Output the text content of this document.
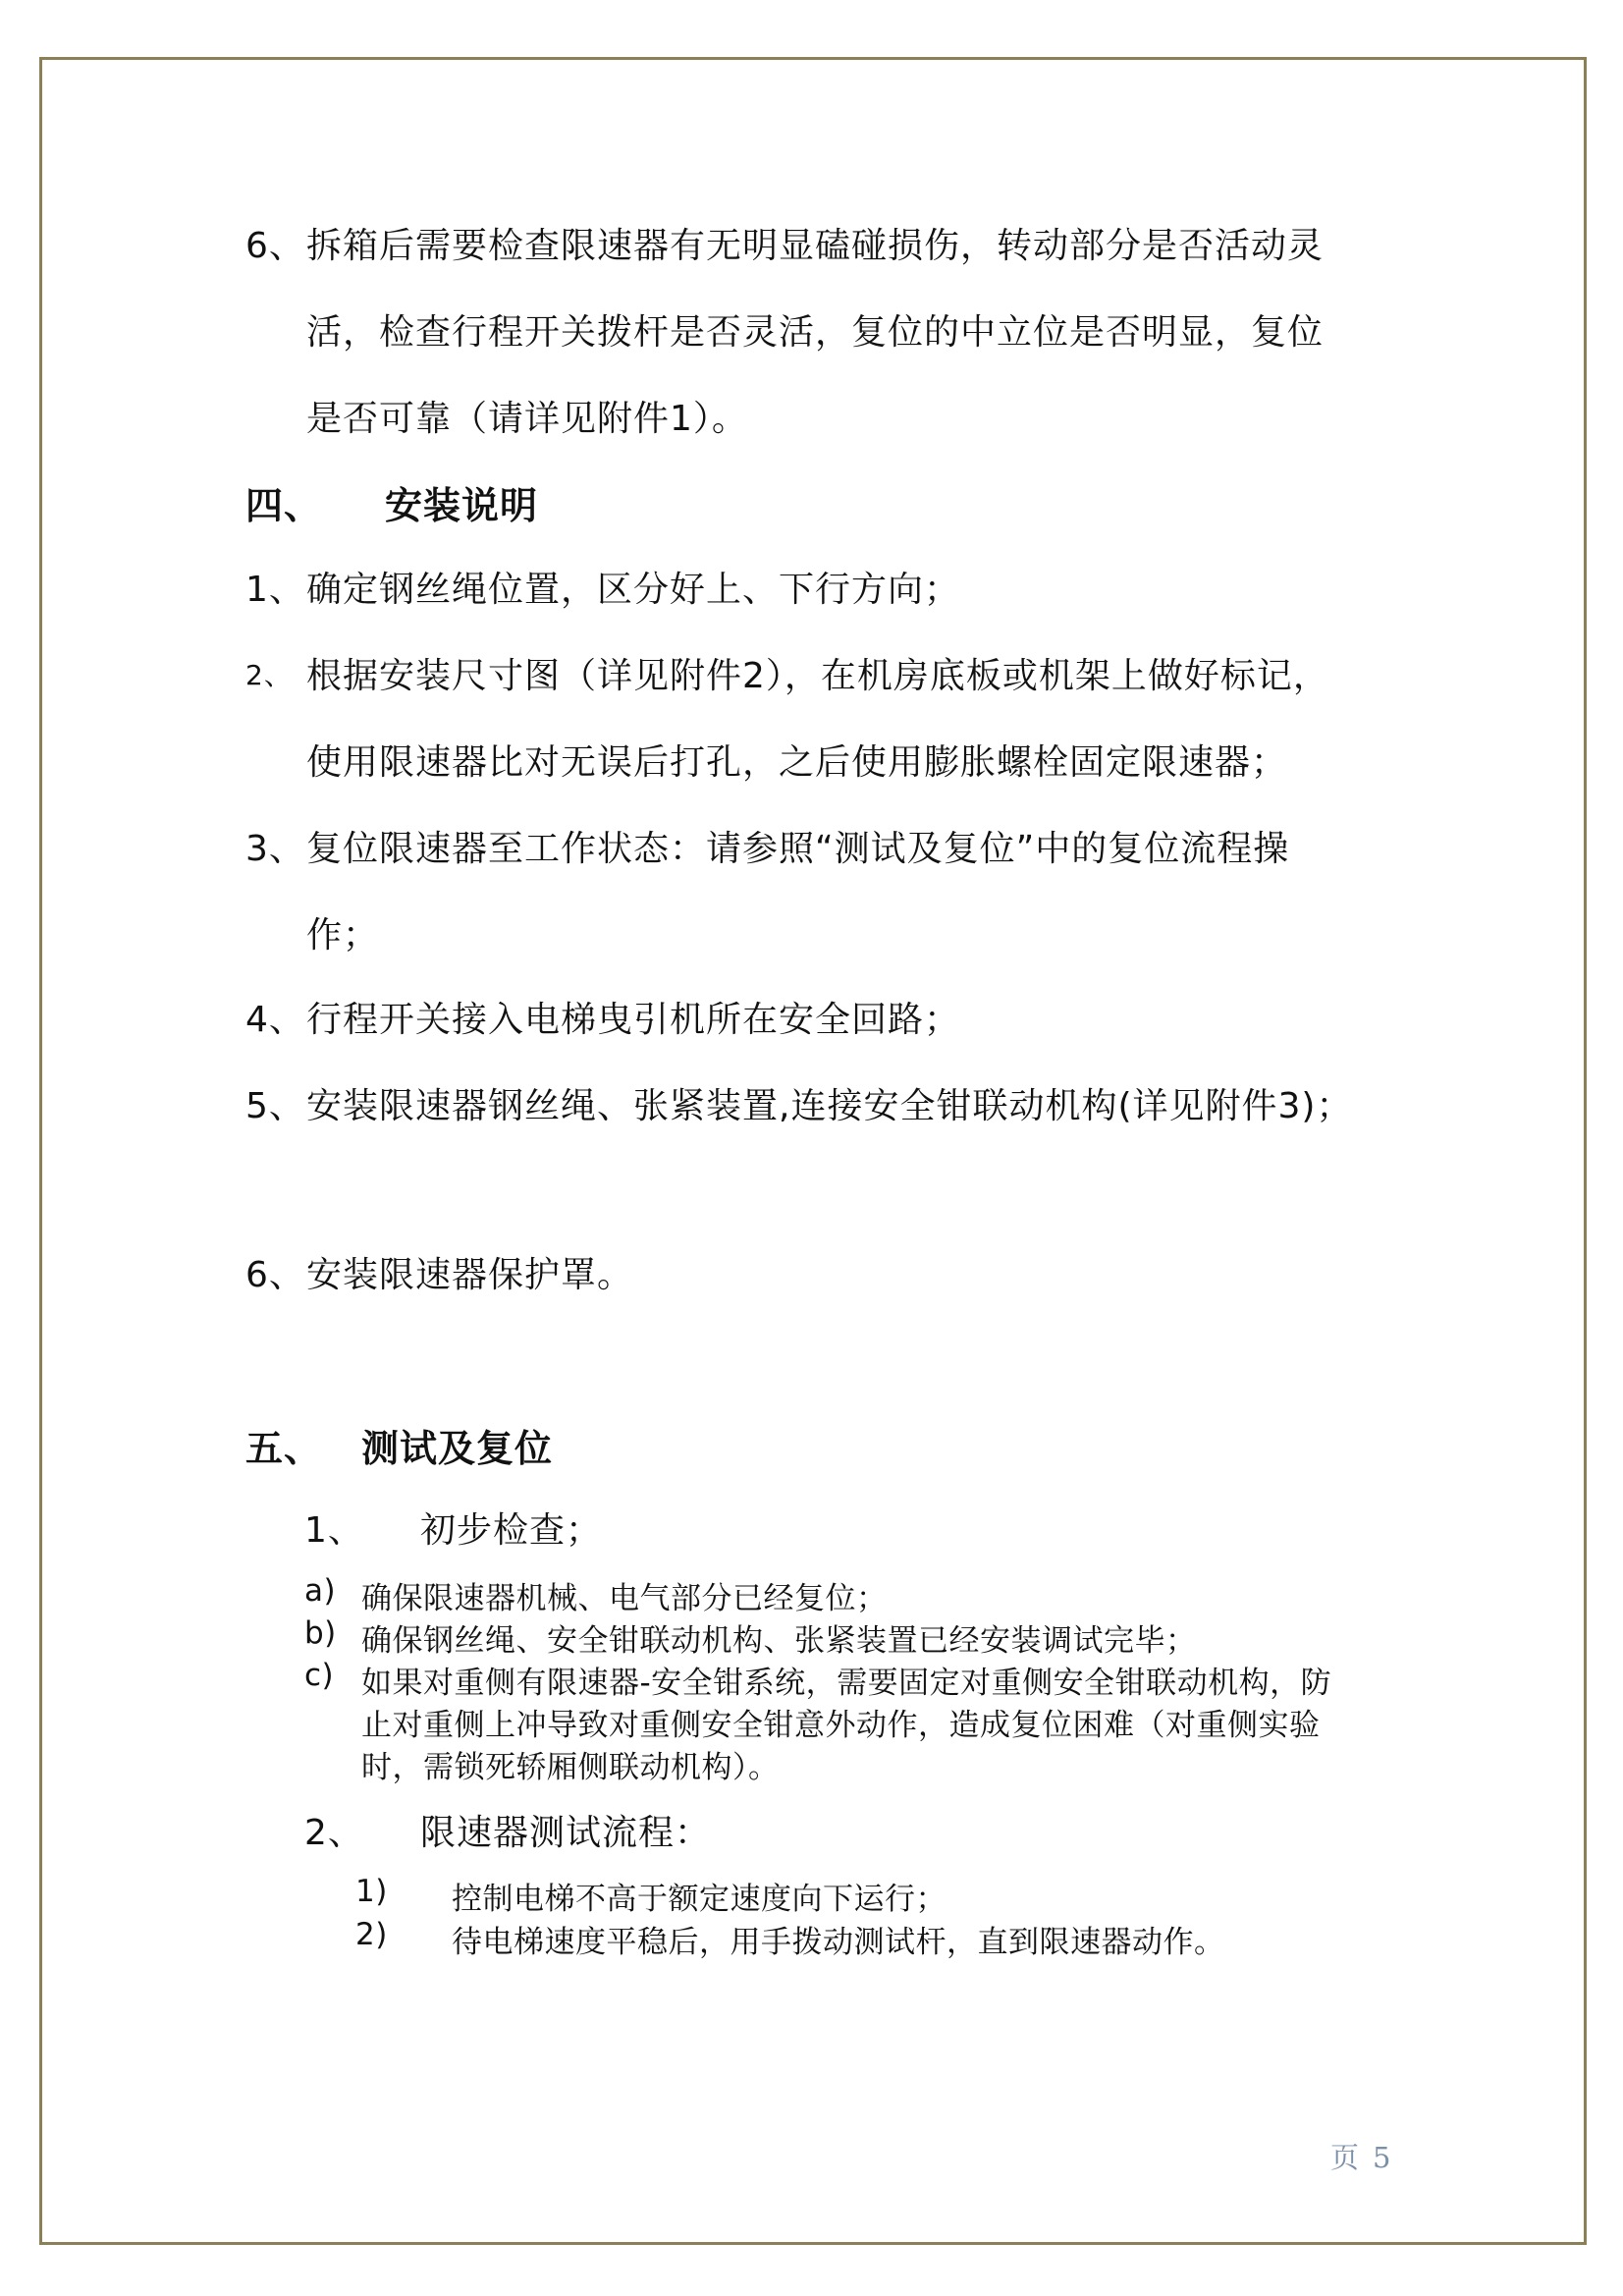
6、 拆箱后需要检查限速器有无明显磕碰损伤，转动部分是否活动灵
活，检查行程开关拨杆是否灵活，复位的中立位是否明显，复位
是否可靠（请详见附件1）。
四、 安装说明
1、 确定钢丝绳位置，区分好上、下行方向；
2、 根据安装尺寸图（详见附件2），在机房底板或机架上做好标记，
使用限速器比对无误后打孔，之后使用膨胀螺栓固定限速器；
3、 复位限速器至工作状态：请参照“测试及复位”中的复位流程操
作；
4、 行程开关接入电梯曳引机所在安全回路；
5、 安装限速器钢丝绳、张紧装置,连接安全钳联动机构(详见附件3)；
6、 安装限速器保护罩。
五、 测试及复位
1、 初步检查；
a) 确保限速器机械、电气部分已经复位；
b) 确保钢丝绳、安全钳联动机构、张紧装置已经安装调试完毕；
c) 如果对重侧有限速器-安全钳系统，需要固定对重侧安全钳联动机构，防
止对重侧上冲导致对重侧安全钳意外动作，造成复位困难（对重侧实验
时，需锁死轿厢侧联动机构）。
2、 限速器测试流程：
1) 控制电梯不高于额定速度向下运行；
2) 待电梯速度平稳后，用手拨动测试杆，直到限速器动作。
页 5
